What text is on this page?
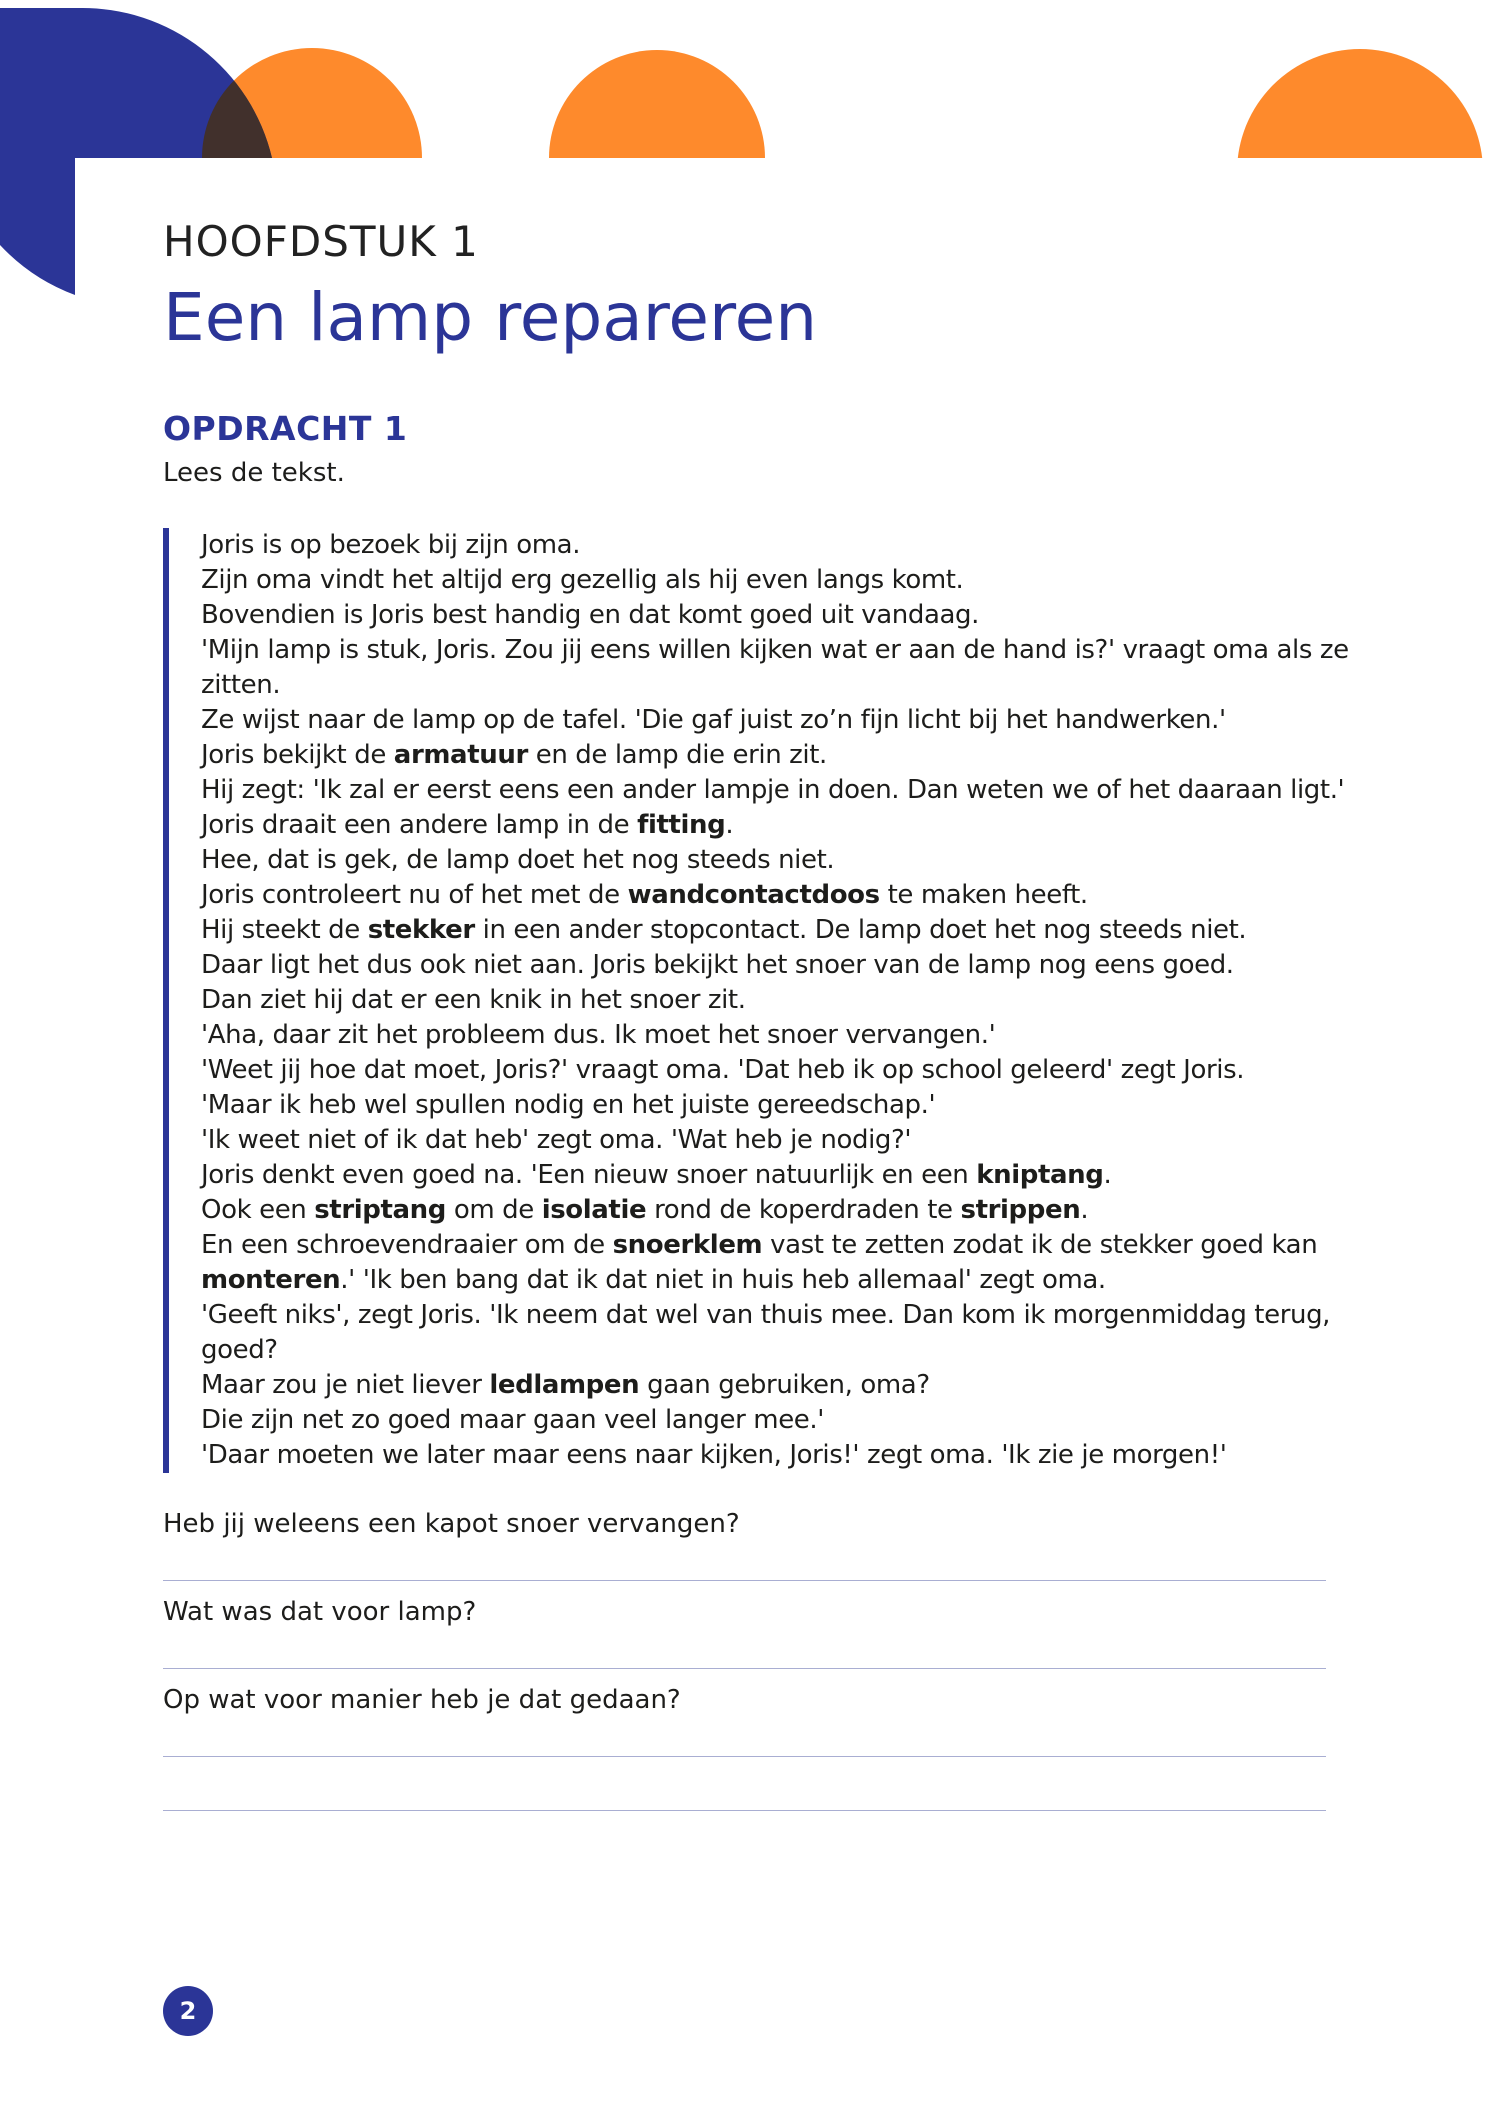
HOOFDSTUK 1
Een lamp repareren
OPDRACHT 1
Lees de tekst.
Joris is op bezoek bij zijn oma.
Zijn oma vindt het altijd erg gezellig als hij even langs komt.
Bovendien is Joris best handig en dat komt goed uit vandaag.
'Mijn lamp is stuk, Joris. Zou jij eens willen kijken wat er aan de hand is?' vraagt oma als ze zitten.
Ze wijst naar de lamp op de tafel. 'Die gaf juist zo’n fijn licht bij het handwerken.'
Joris bekijkt de armatuur en de lamp die erin zit.
Hij zegt: 'Ik zal er eerst eens een ander lampje in doen. Dan weten we of het daaraan ligt.'
Joris draait een andere lamp in de fitting.
Hee, dat is gek, de lamp doet het nog steeds niet.
Joris controleert nu of het met de wandcontactdoos te maken heeft.
Hij steekt de stekker in een ander stopcontact. De lamp doet het nog steeds niet.
Daar ligt het dus ook niet aan. Joris bekijkt het snoer van de lamp nog eens goed.
Dan ziet hij dat er een knik in het snoer zit.
'Aha, daar zit het probleem dus. Ik moet het snoer vervangen.'
'Weet jij hoe dat moet, Joris?' vraagt oma. 'Dat heb ik op school geleerd' zegt Joris.
'Maar ik heb wel spullen nodig en het juiste gereedschap.'
'Ik weet niet of ik dat heb' zegt oma. 'Wat heb je nodig?'
Joris denkt even goed na. 'Een nieuw snoer natuurlijk en een kniptang.
Ook een striptang om de isolatie rond de koperdraden te strippen.
En een schroevendraaier om de snoerklem vast te zetten zodat ik de stekker goed kan monteren.' 'Ik ben bang dat ik dat niet in huis heb allemaal' zegt oma.
'Geeft niks', zegt Joris. 'Ik neem dat wel van thuis mee. Dan kom ik morgenmiddag terug, goed?
Maar zou je niet liever ledlampen gaan gebruiken, oma?
Die zijn net zo goed maar gaan veel langer mee.'
'Daar moeten we later maar eens naar kijken, Joris!' zegt oma. 'Ik zie je morgen!'
Heb jij weleens een kapot snoer vervangen?
Wat was dat voor lamp?
Op wat voor manier heb je dat gedaan?
2
